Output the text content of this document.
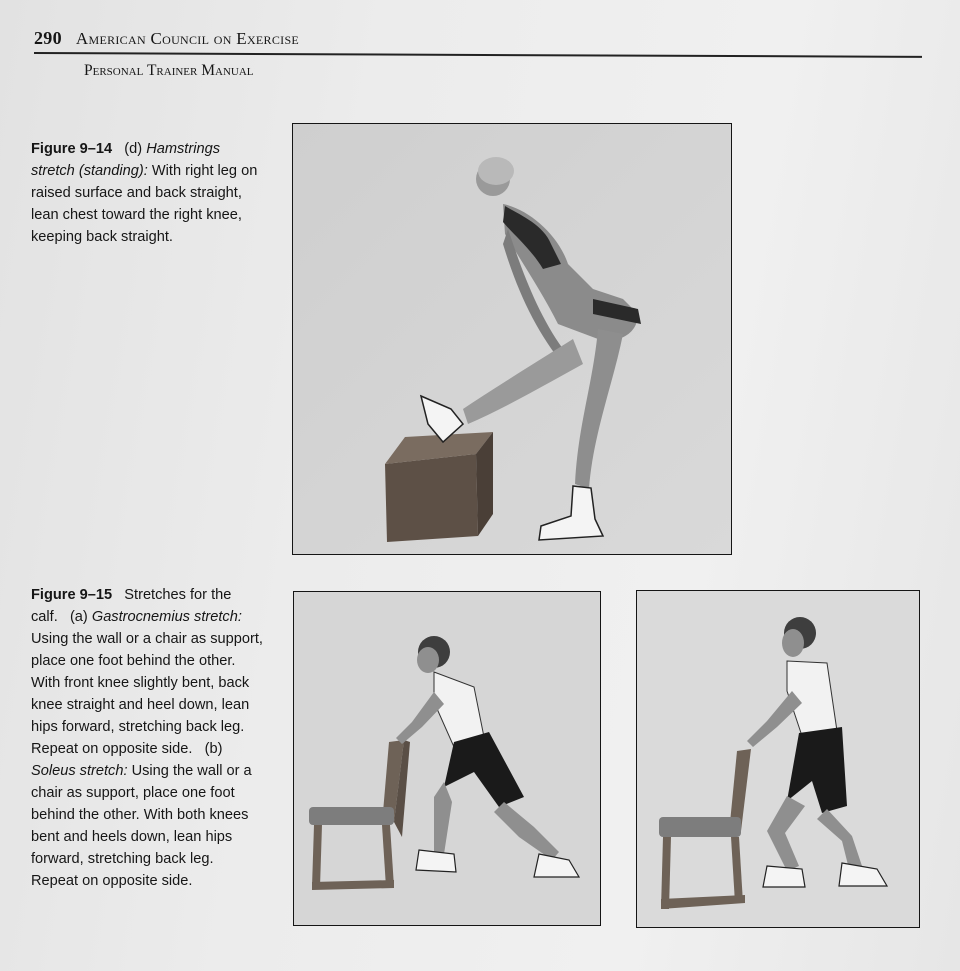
290 American Council on Exercise
Personal Trainer Manual
Figure 9–14 (d) Hamstrings stretch (standing): With right leg on raised surface and back straight, lean chest toward the right knee, keeping back straight.
Figure 9–15 Stretches for the calf. (a) Gastrocnemius stretch: Using the wall or a chair as support, place one foot behind the other. With front knee slightly bent, back knee straight and heel down, lean hips forward, stretching back leg. Repeat on opposite side. (b) Soleus stretch: Using the wall or a chair as support, place one foot behind the other. With both knees bent and heels down, lean hips forward, stretching back leg. Repeat on opposite side.
